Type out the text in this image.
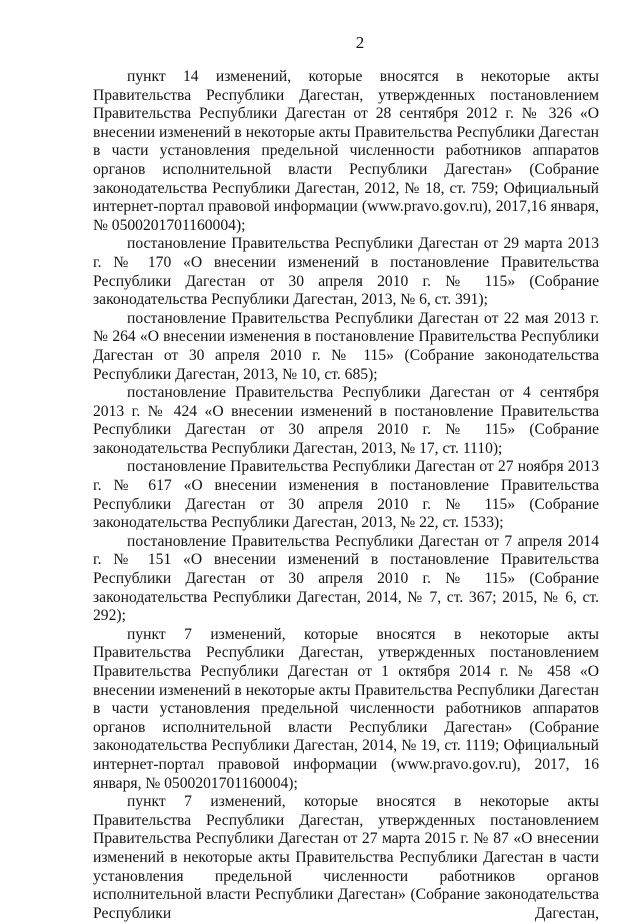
2

пункт 14 изменений, которые вносятся в некоторые акты Правительства Республики Дагестан, утвержденных постановлением Правительства Республики Дагестан от 28 сентября 2012 г. № 326 «О внесении изменений в некоторые акты Правительства Республики Дагестан в части установления предельной численности работников аппаратов органов исполнительной власти Республики Дагестан» (Собрание законодательства Республики Дагестан, 2012, № 18, ст. 759; Официальный интернет-портал правовой информации (www.pravo.gov.ru), 2017,16 января, № 0500201701160004);

постановление Правительства Республики Дагестан от 29 марта 2013 г. № 170 «О внесении изменений в постановление Правительства Республики Дагестан от 30 апреля 2010 г. № 115» (Собрание законодательства Республики Дагестан, 2013, № 6, ст. 391);

постановление Правительства Республики Дагестан от 22 мая 2013 г. № 264 «О внесении изменения в постановление Правительства Республики Дагестан от 30 апреля 2010 г. № 115» (Собрание законодательства Республики Дагестан, 2013, № 10, ст. 685);

постановление Правительства Республики Дагестан от 4 сентября 2013 г. № 424 «О внесении изменений в постановление Правительства Республики Дагестан от 30 апреля 2010 г. № 115» (Собрание законодательства Республики Дагестан, 2013, № 17, ст. 1110);

постановление Правительства Республики Дагестан от 27 ноября 2013 г. № 617 «О внесении изменения в постановление Правительства Республики Дагестан от 30 апреля 2010 г. № 115» (Собрание законодательства Республики Дагестан, 2013, № 22, ст. 1533);

постановление Правительства Республики Дагестан от 7 апреля 2014 г. № 151 «О внесении изменений в постановление Правительства Республики Дагестан от 30 апреля 2010 г. № 115» (Собрание законодательства Республики Дагестан, 2014, № 7, ст. 367; 2015, № 6, ст. 292);

пункт 7 изменений, которые вносятся в некоторые акты Правительства Республики Дагестан, утвержденных постановлением Правительства Республики Дагестан от 1 октября 2014 г. № 458 «О внесении изменений в некоторые акты Правительства Республики Дагестан в части установления предельной численности работников аппаратов органов исполнительной власти Республики Дагестан» (Собрание законодательства Республики Дагестан, 2014, № 19, ст. 1119; Официальный интернет-портал правовой информации (www.pravo.gov.ru), 2017, 16 января, № 0500201701160004);

пункт 7 изменений, которые вносятся в некоторые акты Правительства Республики Дагестан, утвержденных постановлением Правительства Республики Дагестан от 27 марта 2015 г. № 87 «О внесении изменений в некоторые акты Правительства Республики Дагестан в части установления предельной численности работников органов исполнительной власти Республики Дагестан» (Собрание законодательства Республики Дагестан,
